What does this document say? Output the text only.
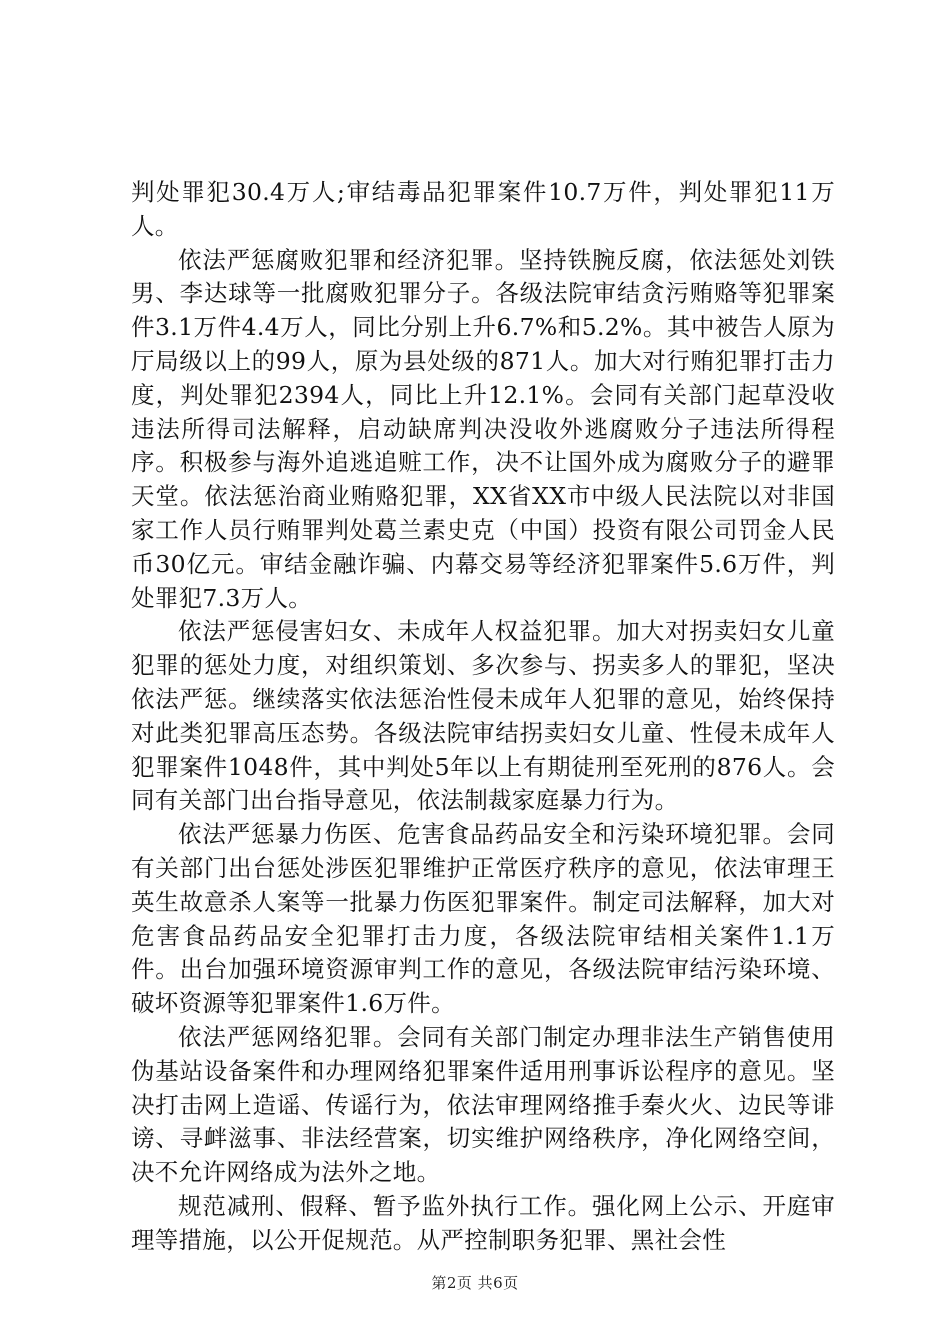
判处罪犯30.4万人;审结毒品犯罪案件10.7万件，判处罪犯11万人。

依法严惩腐败犯罪和经济犯罪。坚持铁腕反腐，依法惩处刘铁男、李达球等一批腐败犯罪分子。各级法院审结贪污贿赂等犯罪案件3.1万件4.4万人，同比分别上升6.7%和5.2%。其中被告人原为厅局级以上的99人，原为县处级的871人。加大对行贿犯罪打击力度，判处罪犯2394人，同比上升12.1%。会同有关部门起草没收违法所得司法解释，启动缺席判决没收外逃腐败分子违法所得程序。积极参与海外追逃追赃工作，决不让国外成为腐败分子的避罪天堂。依法惩治商业贿赂犯罪，XX省XX市中级人民法院以对非国家工作人员行贿罪判处葛兰素史克（中国）投资有限公司罚金人民币30亿元。审结金融诈骗、内幕交易等经济犯罪案件5.6万件，判处罪犯7.3万人。

依法严惩侵害妇女、未成年人权益犯罪。加大对拐卖妇女儿童犯罪的惩处力度，对组织策划、多次参与、拐卖多人的罪犯，坚决依法严惩。继续落实依法惩治性侵未成年人犯罪的意见，始终保持对此类犯罪高压态势。各级法院审结拐卖妇女儿童、性侵未成年人犯罪案件1048件，其中判处5年以上有期徒刑至死刑的876人。会同有关部门出台指导意见，依法制裁家庭暴力行为。

依法严惩暴力伤医、危害食品药品安全和污染环境犯罪。会同有关部门出台惩处涉医犯罪维护正常医疗秩序的意见，依法审理王英生故意杀人案等一批暴力伤医犯罪案件。制定司法解释，加大对危害食品药品安全犯罪打击力度，各级法院审结相关案件1.1万件。出台加强环境资源审判工作的意见，各级法院审结污染环境、破坏资源等犯罪案件1.6万件。

依法严惩网络犯罪。会同有关部门制定办理非法生产销售使用伪基站设备案件和办理网络犯罪案件适用刑事诉讼程序的意见。坚决打击网上造谣、传谣行为，依法审理网络推手秦火火、边民等诽谤、寻衅滋事、非法经营案，切实维护网络秩序，净化网络空间，决不允许网络成为法外之地。

规范减刑、假释、暂予监外执行工作。强化网上公示、开庭审理等措施，以公开促规范。从严控制职务犯罪、黑社会性

第2页 共6页
